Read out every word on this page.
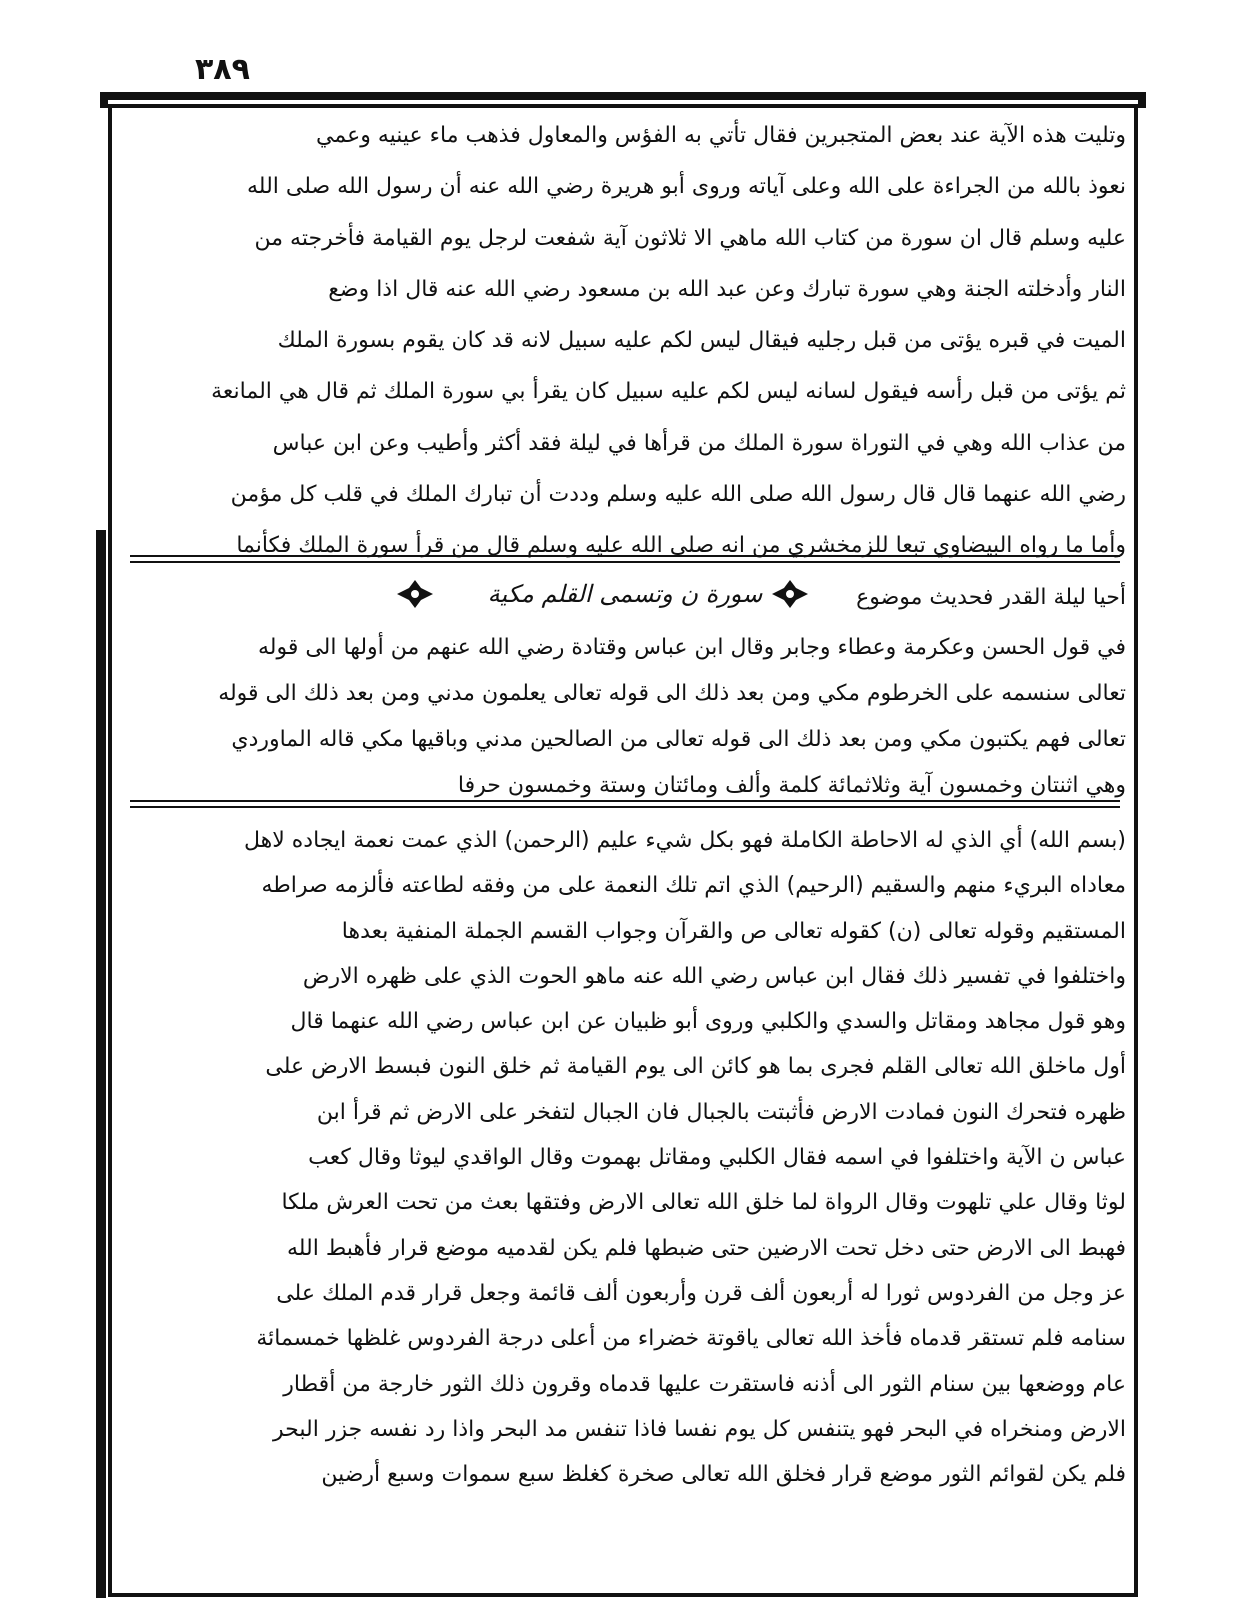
٣٨٩
وتليت هذه الآية عند بعض المتجبرين فقال تأتي به الفؤس والمعاول فذهب ماء عينيه وعمي
نعوذ بالله من الجراءة على الله وعلى آياته وروى أبو هريرة رضي الله عنه أن رسول الله صلى الله
عليه وسلم قال ان سورة من كتاب الله ماهي الا ثلاثون آية شفعت لرجل يوم القيامة فأخرجته من
النار وأدخلته الجنة وهي سورة تبارك وعن عبد الله بن مسعود رضي الله عنه قال اذا وضع
الميت في قبره يؤتى من قبل رجليه فيقال ليس لكم عليه سبيل لانه قد كان يقوم بسورة الملك
ثم يؤتى من قبل رأسه فيقول لسانه ليس لكم عليه سبيل كان يقرأ بي سورة الملك ثم قال هي المانعة
من عذاب الله وهي في التوراة سورة الملك من قرأها في ليلة فقد أكثر وأطيب وعن ابن عباس
رضي الله عنهما قال قال رسول الله صلى الله عليه وسلم وددت أن تبارك الملك في قلب كل مؤمن
وأما ما رواه البيضاوي تبعا للزمخشري من انه صلى الله عليه وسلم قال من قرأ سورة الملك فكأنما
أحيا ليلة القدر فحديث موضوع
سورة ن وتسمى القلم مكية
في قول الحسن وعكرمة وعطاء وجابر وقال ابن عباس وقتادة رضي الله عنهم من أولها الى قوله
تعالى سنسمه على الخرطوم مكي ومن بعد ذلك الى قوله تعالى يعلمون مدني ومن بعد ذلك الى قوله
تعالى فهم يكتبون مكي ومن بعد ذلك الى قوله تعالى من الصالحين مدني وباقيها مكي قاله الماوردي
وهي اثنتان وخمسون آية وثلاثمائة كلمة وألف ومائتان وستة وخمسون حرفا
(بسم الله) أي الذي له الاحاطة الكاملة فهو بكل شيء عليم (الرحمن) الذي عمت نعمة ايجاده لاهل
معاداه البريء منهم والسقيم (الرحيم) الذي اتم تلك النعمة على من وفقه لطاعته فألزمه صراطه
المستقيم وقوله تعالى (ن) كقوله تعالى ص والقرآن وجواب القسم الجملة المنفية بعدها
واختلفوا في تفسير ذلك فقال ابن عباس رضي الله عنه ماهو الحوت الذي على ظهره الارض
وهو قول مجاهد ومقاتل والسدي والكلبي وروى أبو ظبيان عن ابن عباس رضي الله عنهما قال
أول ماخلق الله تعالى القلم فجرى بما هو كائن الى يوم القيامة ثم خلق النون فبسط الارض على
ظهره فتحرك النون فمادت الارض فأثبتت بالجبال فان الجبال لتفخر على الارض ثم قرأ ابن
عباس ن الآية واختلفوا في اسمه فقال الكلبي ومقاتل بهموت وقال الواقدي ليوثا وقال كعب
لوثا وقال علي تلهوت وقال الرواة لما خلق الله تعالى الارض وفتقها بعث من تحت العرش ملكا
فهبط الى الارض حتى دخل تحت الارضين حتى ضبطها فلم يكن لقدميه موضع قرار فأهبط الله
عز وجل من الفردوس ثورا له أربعون ألف قرن وأربعون ألف قائمة وجعل قرار قدم الملك على
سنامه فلم تستقر قدماه فأخذ الله تعالى ياقوتة خضراء من أعلى درجة الفردوس غلظها خمسمائة
عام ووضعها بين سنام الثور الى أذنه فاستقرت عليها قدماه وقرون ذلك الثور خارجة من أقطار
الارض ومنخراه في البحر فهو يتنفس كل يوم نفسا فاذا تنفس مد البحر واذا رد نفسه جزر البحر
فلم يكن لقوائم الثور موضع قرار فخلق الله تعالى صخرة كغلظ سبع سموات وسبع أرضين
